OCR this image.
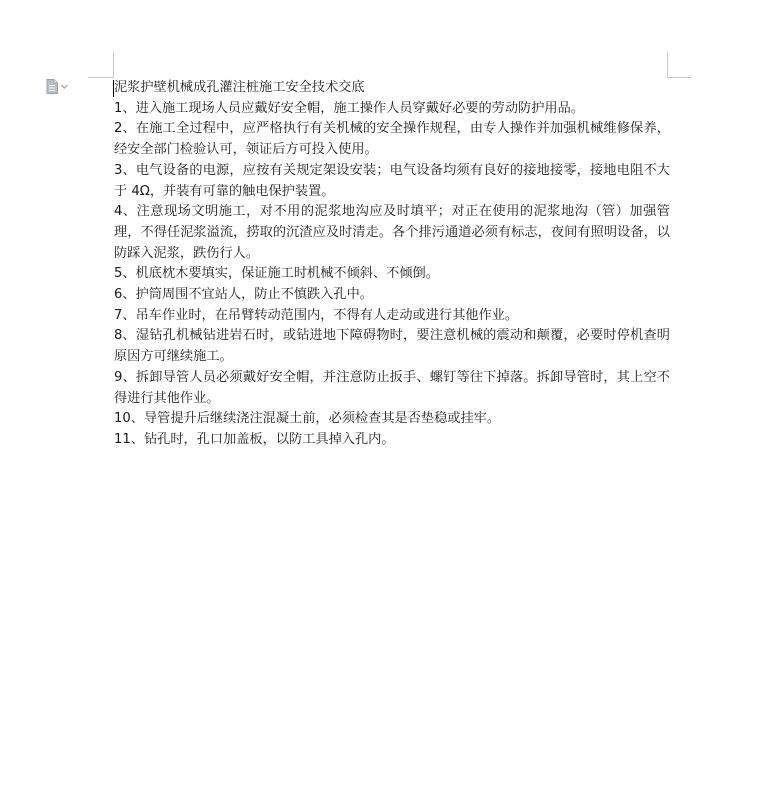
泥浆护壁机械成孔灌注桩施工安全技术交底

1、进入施工现场人员应戴好安全帽，施工操作人员穿戴好必要的劳动防护用品。

2、在施工全过程中，应严格执行有关机械的安全操作规程，由专人操作并加强机械维修保养，经安全部门检验认可，领证后方可投入使用。

3、电气设备的电源，应按有关规定架设安装；电气设备均须有良好的接地接零，接地电阻不大于 4Ω，并装有可靠的触电保护装置。

4、注意现场文明施工，对不用的泥浆地沟应及时填平；对正在使用的泥浆地沟（管）加强管理，不得任泥浆溢流，捞取的沉渣应及时清走。各个排污通道必须有标志，夜间有照明设备，以防踩入泥浆，跌伤行人。

5、机底枕木要填实，保证施工时机械不倾斜、不倾倒。

6、护筒周围不宜站人，防止不慎跌入孔中。

7、吊车作业时，在吊臂转动范围内，不得有人走动或进行其他作业。

8、湿钻孔机械钻进岩石时，或钻进地下障碍物时，要注意机械的震动和颠覆，必要时停机查明原因方可继续施工。

9、拆卸导管人员必须戴好安全帽，并注意防止扳手、螺钉等往下掉落。拆卸导管时，其上空不得进行其他作业。

10、导管提升后继续浇注混凝土前，必须检查其是否垫稳或挂牢。

11、钻孔时，孔口加盖板，以防工具掉入孔内。
